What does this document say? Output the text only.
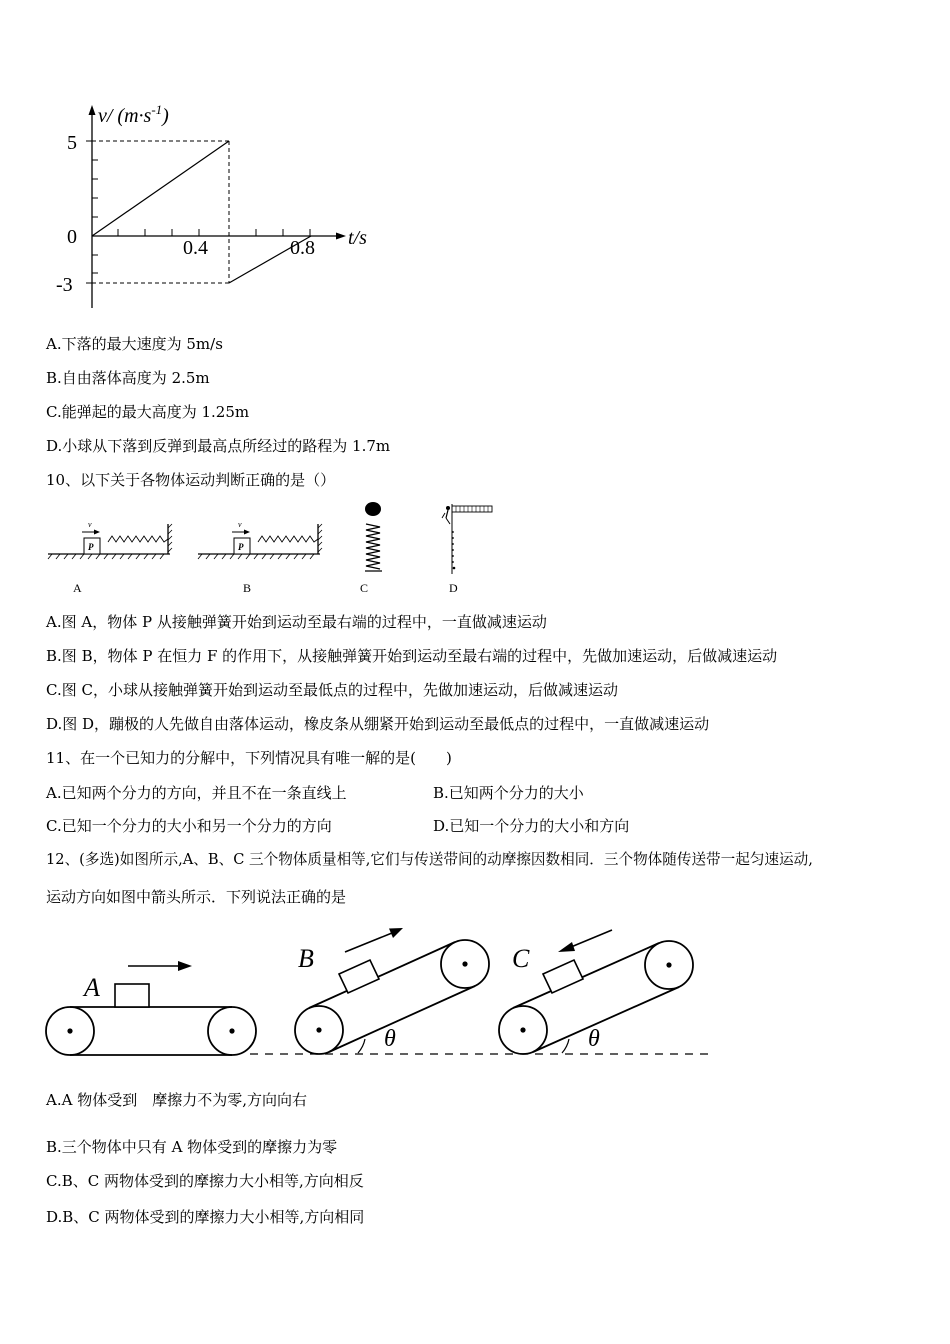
v/ $(m\cdot s^{-1})$
5
0
-3
0.4	0.8 t/s
A.下落的最大速度为 5m/s
B.自由落体高度为 2.5m
C.能弹起的最大高度为 1.25m
D.小球从下落到反弹到最高点所经过的路程为 1.7m
10、以下关于各物体运动判断正确的是（）
P
v
A
P
v
B	C	D
A.图 A，物体 P 从接触弹簧开始到运动至最右端的过程中，一直做减速运动
B.图 B，物体 P 在恒力 F 的作用下，从接触弹簧开始到运动至最右端的过程中，先做加速运动，后做减速运动
C.图 C，小球从接触弹簧开始到运动至最低点的过程中，先做加速运动，后做减速运动
D.图 D，蹦极的人先做自由落体运动，橡皮条从绷紧开始到运动至最低点的过程中，一直做减速运动
11、在一个已知力的分解中，下列情况具有唯一解的是(　　)
A.已知两个分力的方向，并且不在一条直线上	B.已知两个分力的大小
C.已知一个分力的大小和另一个分力的方向	D.已知一个分力的大小和方向
12、(多选)如图所示,A、B、C 三个物体质量相等,它们与传送带间的动摩擦因数相同．三个物体随传送带一起匀速运动,
运动方向如图中箭头所示．下列说法正确的是
A
θ
B
θ
C
A.A 物体受到　摩擦力不为零,方向向右
B.三个物体中只有 A 物体受到的摩擦力为零
C.B、C 两物体受到的摩擦力大小相等,方向相反
D.B、C 两物体受到的摩擦力大小相等,方向相同
